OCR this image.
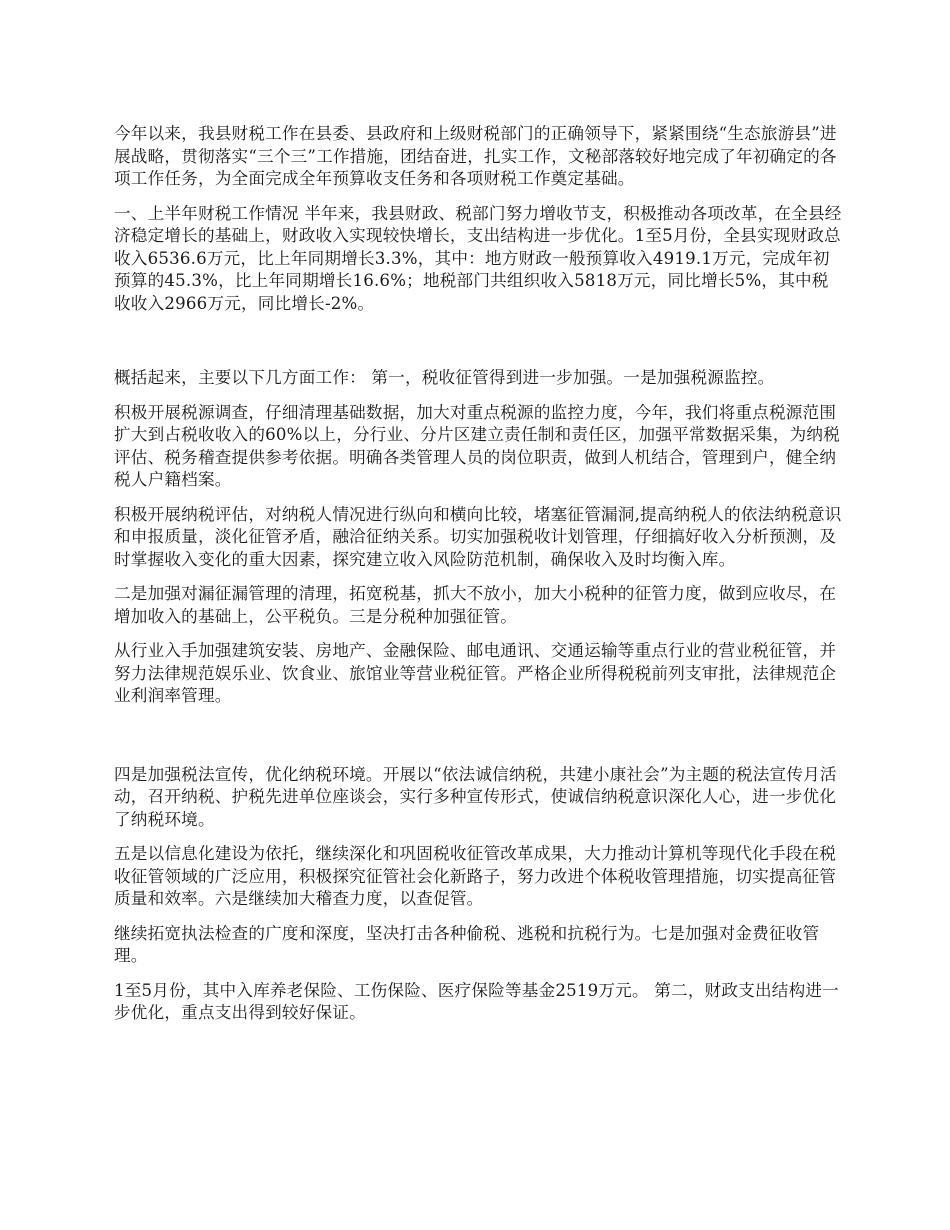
今年以来，我县财税工作在县委、县政府和上级财税部门的正确领导下，紧紧围绕“生态旅游县”进展战略，贯彻落实“三个三”工作措施，团结奋进，扎实工作，文秘部落较好地完成了年初确定的各项工作任务，为全面完成全年预算收支任务和各项财税工作奠定基础。

一、上半年财税工作情况 半年来，我县财政、税部门努力增收节支，积极推动各项改革，在全县经济稳定增长的基础上，财政收入实现较快增长，支出结构进一步优化。1至5月份，全县实现财政总收入6536.6万元，比上年同期增长3.3%，其中：地方财政一般预算收入4919.1万元，完成年初预算的45.3%，比上年同期增长16.6%；地税部门共组织收入5818万元，同比增长5%，其中税收收入2966万元，同比增长-2%。

概括起来，主要以下几方面工作： 第一，税收征管得到进一步加强。一是加强税源监控。

积极开展税源调查，仔细清理基础数据，加大对重点税源的监控力度，今年，我们将重点税源范围扩大到占税收收入的60%以上，分行业、分片区建立责任制和责任区，加强平常数据采集，为纳税评估、税务稽查提供参考依据。明确各类管理人员的岗位职责，做到人机结合，管理到户，健全纳税人户籍档案。

积极开展纳税评估，对纳税人情况进行纵向和横向比较，堵塞征管漏洞,提高纳税人的依法纳税意识和申报质量，淡化征管矛盾，融洽征纳关系。切实加强税收计划管理，仔细搞好收入分析预测，及时掌握收入变化的重大因素，探究建立收入风险防范机制，确保收入及时均衡入库。

二是加强对漏征漏管理的清理，拓宽税基，抓大不放小，加大小税种的征管力度，做到应收尽，在增加收入的基础上，公平税负。三是分税种加强征管。

从行业入手加强建筑安装、房地产、金融保险、邮电通讯、交通运输等重点行业的营业税征管，并努力法律规范娱乐业、饮食业、旅馆业等营业税征管。严格企业所得税税前列支审批，法律规范企业利润率管理。

四是加强税法宣传，优化纳税环境。开展以“依法诚信纳税，共建小康社会”为主题的税法宣传月活动，召开纳税、护税先进单位座谈会，实行多种宣传形式，使诚信纳税意识深化人心，进一步优化了纳税环境。

五是以信息化建设为依托，继续深化和巩固税收征管改革成果，大力推动计算机等现代化手段在税收征管领域的广泛应用，积极探究征管社会化新路子，努力改进个体税收管理措施，切实提高征管质量和效率。六是继续加大稽查力度，以查促管。

继续拓宽执法检查的广度和深度，坚决打击各种偷税、逃税和抗税行为。七是加强对金费征收管理。

1至5月份，其中入库养老保险、工伤保险、医疗保险等基金2519万元。 第二，财政支出结构进一步优化，重点支出得到较好保证。
